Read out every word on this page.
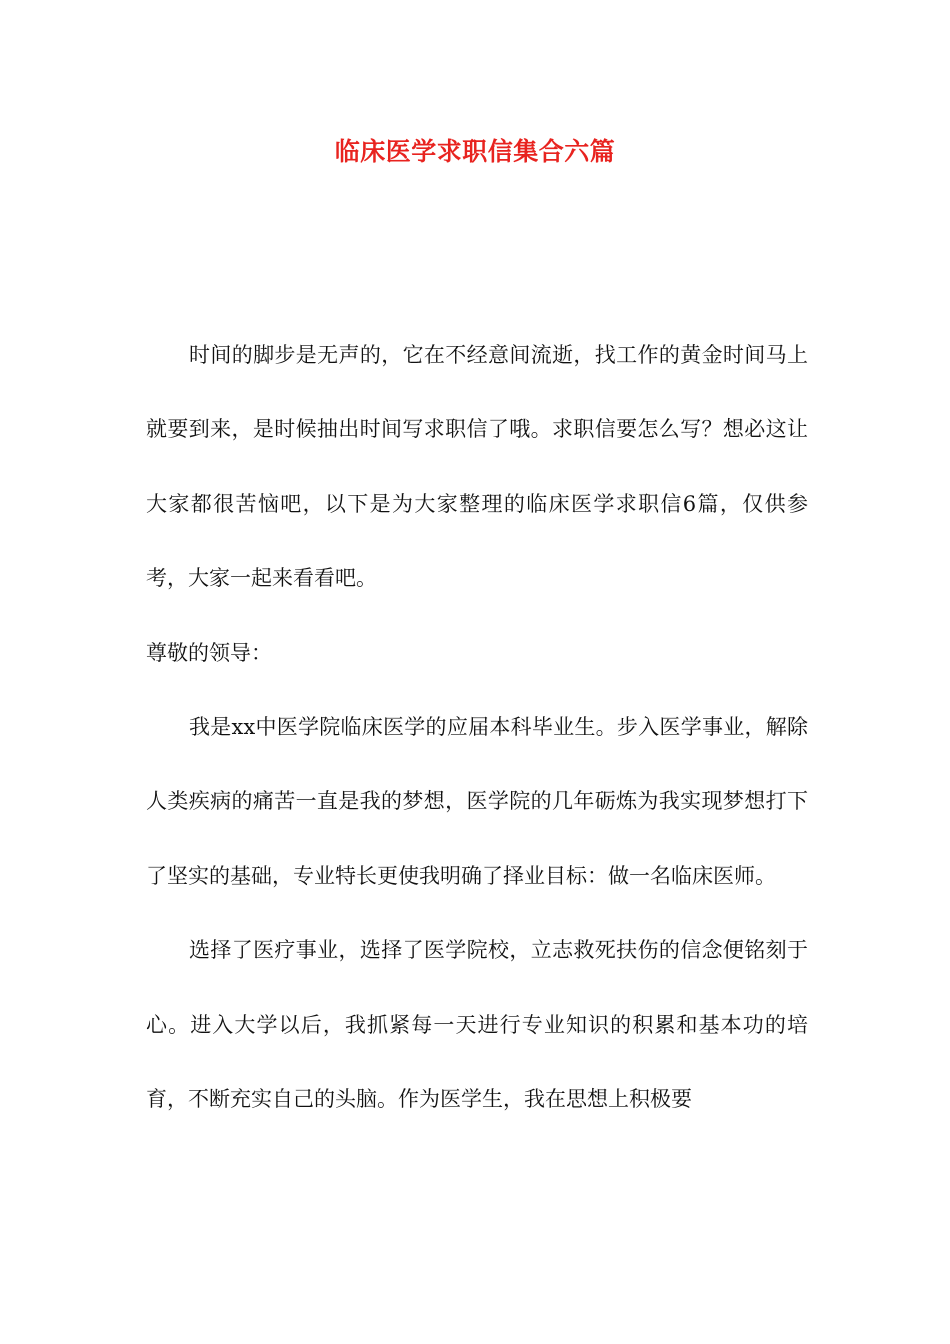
临床医学求职信集合六篇

时间的脚步是无声的，它在不经意间流逝，找工作的黄金时间马上就要到来，是时候抽出时间写求职信了哦。求职信要怎么写？想必这让大家都很苦恼吧，以下是为大家整理的临床医学求职信6篇，仅供参考，大家一起来看看吧。

尊敬的领导：

我是xx中医学院临床医学的应届本科毕业生。步入医学事业，解除人类疾病的痛苦一直是我的梦想，医学院的几年砺炼为我实现梦想打下了坚实的基础，专业特长更使我明确了择业目标：做一名临床医师。

选择了医疗事业，选择了医学院校，立志救死扶伤的信念便铭刻于心。进入大学以后，我抓紧每一天进行专业知识的积累和基本功的培育，不断充实自己的头脑。作为医学生，我在思想上积极要
